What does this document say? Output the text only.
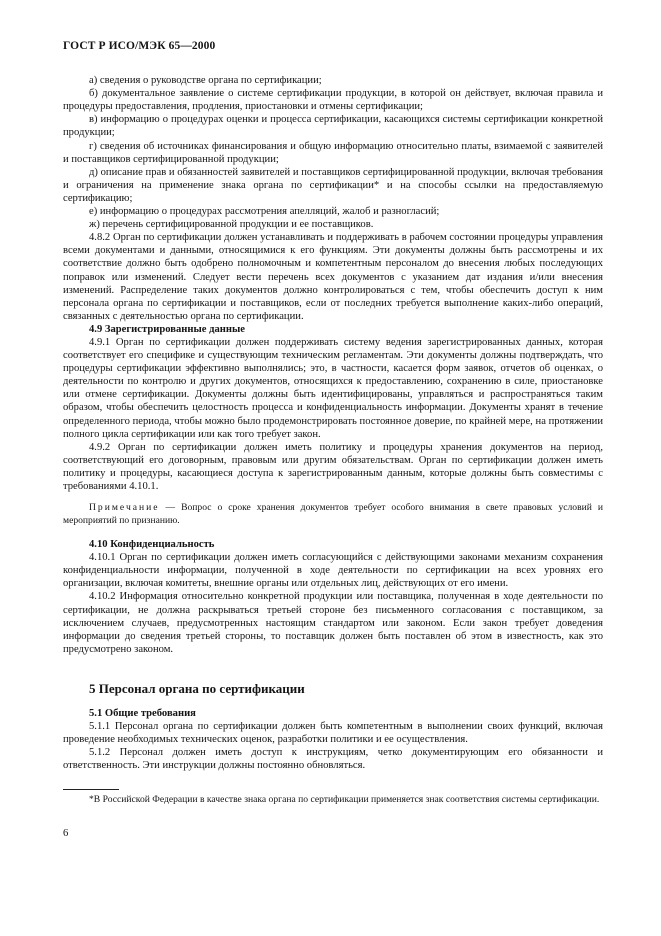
ГОСТ Р ИСО/МЭК 65—2000

а) сведения о руководстве органа по сертификации;

б) документальное заявление о системе сертификации продукции, в которой он действует, включая правила и процедуры предоставления, продления, приостановки и отмены сертификации;

в) информацию о процедурах оценки и процесса сертификации, касающихся системы сертификации конкретной продукции;

г) сведения об источниках финансирования и общую информацию относительно платы, взимаемой с заявителей и поставщиков сертифицированной продукции;

д) описание прав и обязанностей заявителей и поставщиков сертифицированной продукции, включая требования и ограничения на применение знака органа по сертификации* и на способы ссылки на предоставляемую сертификацию;

е) информацию о процедурах рассмотрения апелляций, жалоб и разногласий;

ж) перечень сертифицированной продукции и ее поставщиков.

4.8.2 Орган по сертификации должен устанавливать и поддерживать в рабочем состоянии процедуры управления всеми документами и данными, относящимися к его функциям. Эти документы должны быть рассмотрены и их соответствие должно быть одобрено полномочным и компетентным персоналом до внесения любых последующих поправок или изменений. Следует вести перечень всех документов с указанием дат издания и/или внесения изменений. Распределение таких документов должно контролироваться с тем, чтобы обеспечить доступ к ним персонала органа по сертификации и поставщиков, если от последних требуется выполнение каких-либо операций, связанных с деятельностью органа по сертификации.

4.9 Зарегистрированные данные

4.9.1 Орган по сертификации должен поддерживать систему ведения зарегистрированных данных, которая соответствует его специфике и существующим техническим регламентам. Эти документы должны подтверждать, что процедуры сертификации эффективно выполнялись; это, в частности, касается форм заявок, отчетов об оценках, о деятельности по контролю и других документов, относящихся к предоставлению, сохранению в силе, приостановке или отмене сертификации. Документы должны быть идентифицированы, управляться и распространяться таким образом, чтобы обеспечить целостность процесса и конфиденциальность информации. Документы хранят в течение определенного периода, чтобы можно было продемонстрировать постоянное доверие, по крайней мере, на протяжении полного цикла сертификации или как того требует закон.

4.9.2 Орган по сертификации должен иметь политику и процедуры хранения документов на период, соответствующий его договорным, правовым или другим обязательствам. Орган по сертификации должен иметь политику и процедуры, касающиеся доступа к зарегистрированным данным, которые должны быть совместимы с требованиями 4.10.1.

Примечание — Вопрос о сроке хранения документов требует особого внимания в свете правовых условий и мероприятий по признанию.

4.10 Конфиденциальность

4.10.1 Орган по сертификации должен иметь согласующийся с действующими законами механизм сохранения конфиденциальности информации, полученной в ходе деятельности по сертификации на всех уровнях его организации, включая комитеты, внешние органы или отдельных лиц, действующих от его имени.

4.10.2 Информация относительно конкретной продукции или поставщика, полученная в ходе деятельности по сертификации, не должна раскрываться третьей стороне без письменного согласования с поставщиком, за исключением случаев, предусмотренных настоящим стандартом или законом. Если закон требует доведения информации до сведения третьей стороны, то поставщик должен быть поставлен об этом в известность, как это предусмотрено законом.

5 Персонал органа по сертификации

5.1 Общие требования

5.1.1 Персонал органа по сертификации должен быть компетентным в выполнении своих функций, включая проведение необходимых технических оценок, разработки политики и ее осуществления.

5.1.2 Персонал должен иметь доступ к инструкциям, четко документирующим его обязанности и ответственность. Эти инструкции должны постоянно обновляться.

*В Российской Федерации в качестве знака органа по сертификации применяется знак соответствия системы сертификации.

6
